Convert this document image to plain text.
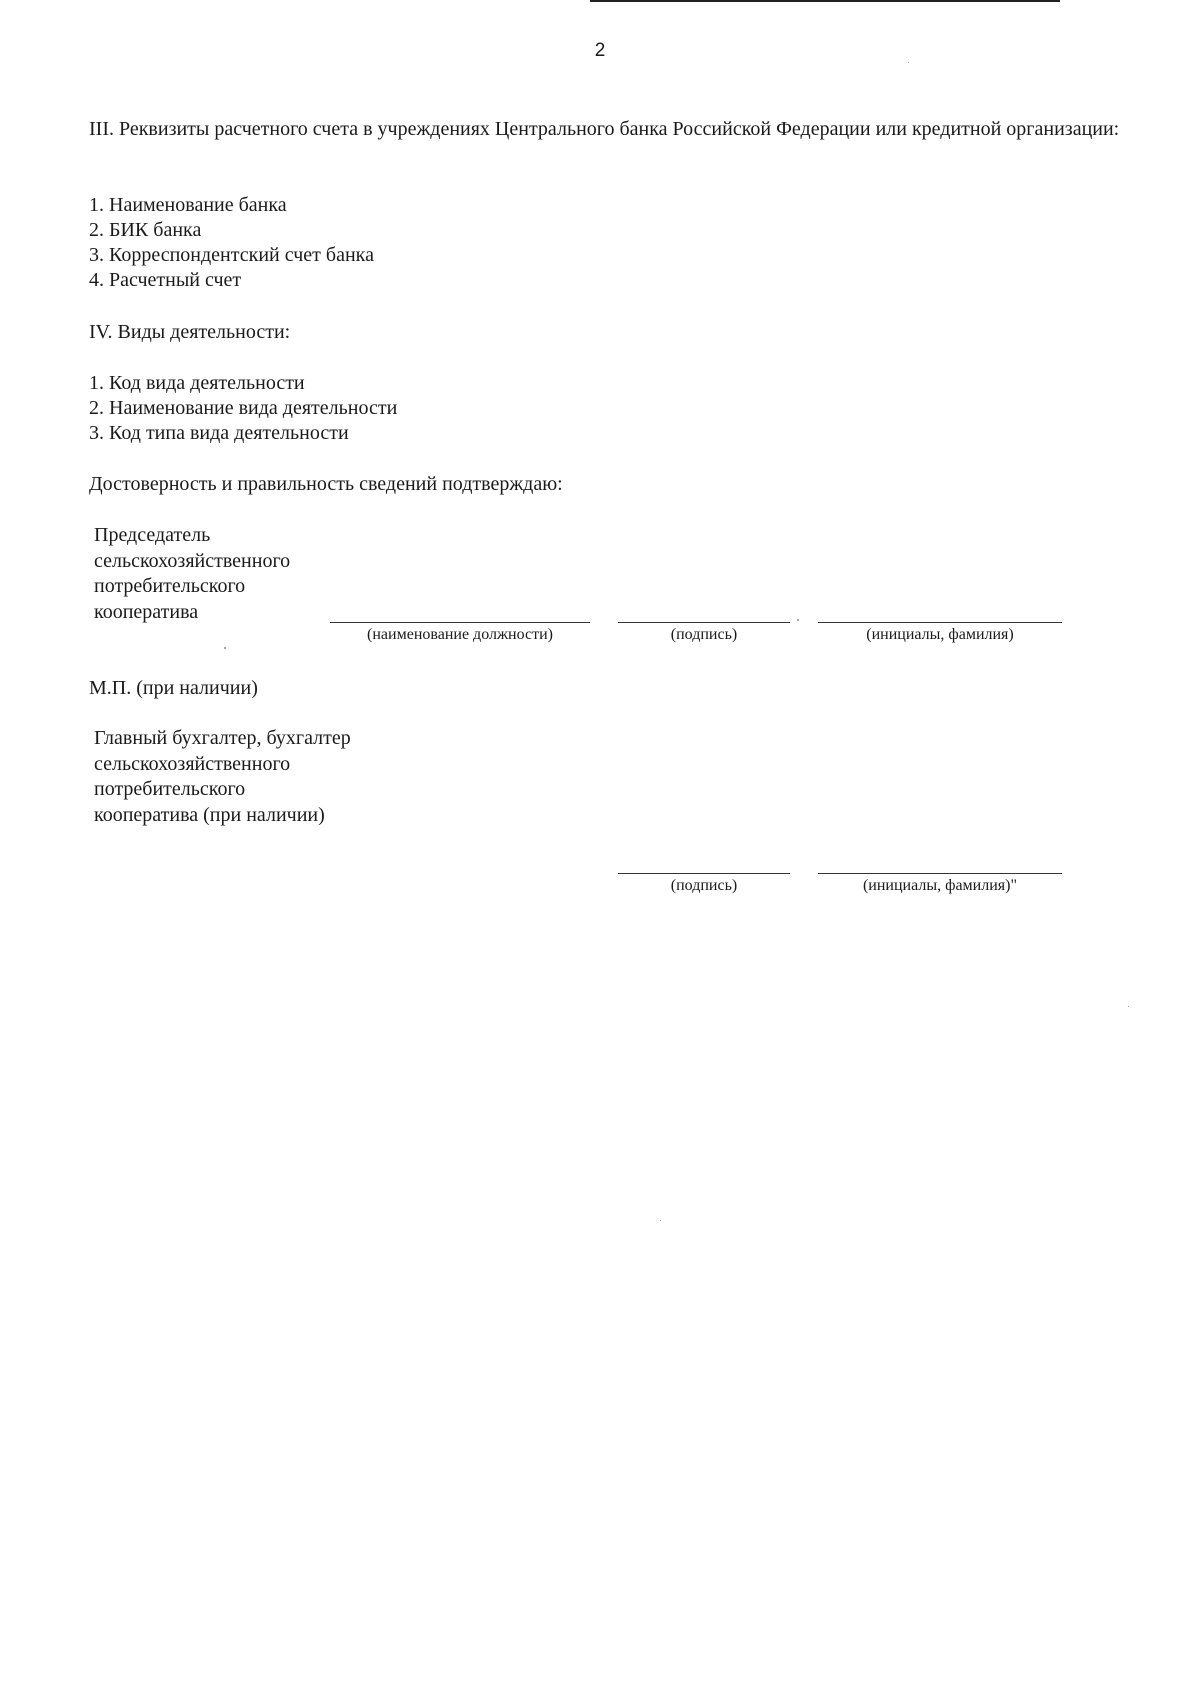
2
III. Реквизиты расчетного счета в учреждениях Центрального банка Российской Федерации или кредитной организации:
1. Наименование банка
2. БИК банка
3. Корреспондентский счет банка
4. Расчетный счет
IV. Виды деятельности:
1. Код вида деятельности
2. Наименование вида деятельности
3. Код типа вида деятельности
Достоверность и правильность сведений подтверждаю:
Председатель
сельскохозяйственного
потребительского
кооператива
(наименование должности)	(подпись)	(инициалы, фамилия)
М.П. (при наличии)
Главный бухгалтер, бухгалтер
сельскохозяйственного
потребительского
кооператива (при наличии)
(подпись)	(инициалы, фамилия)"
